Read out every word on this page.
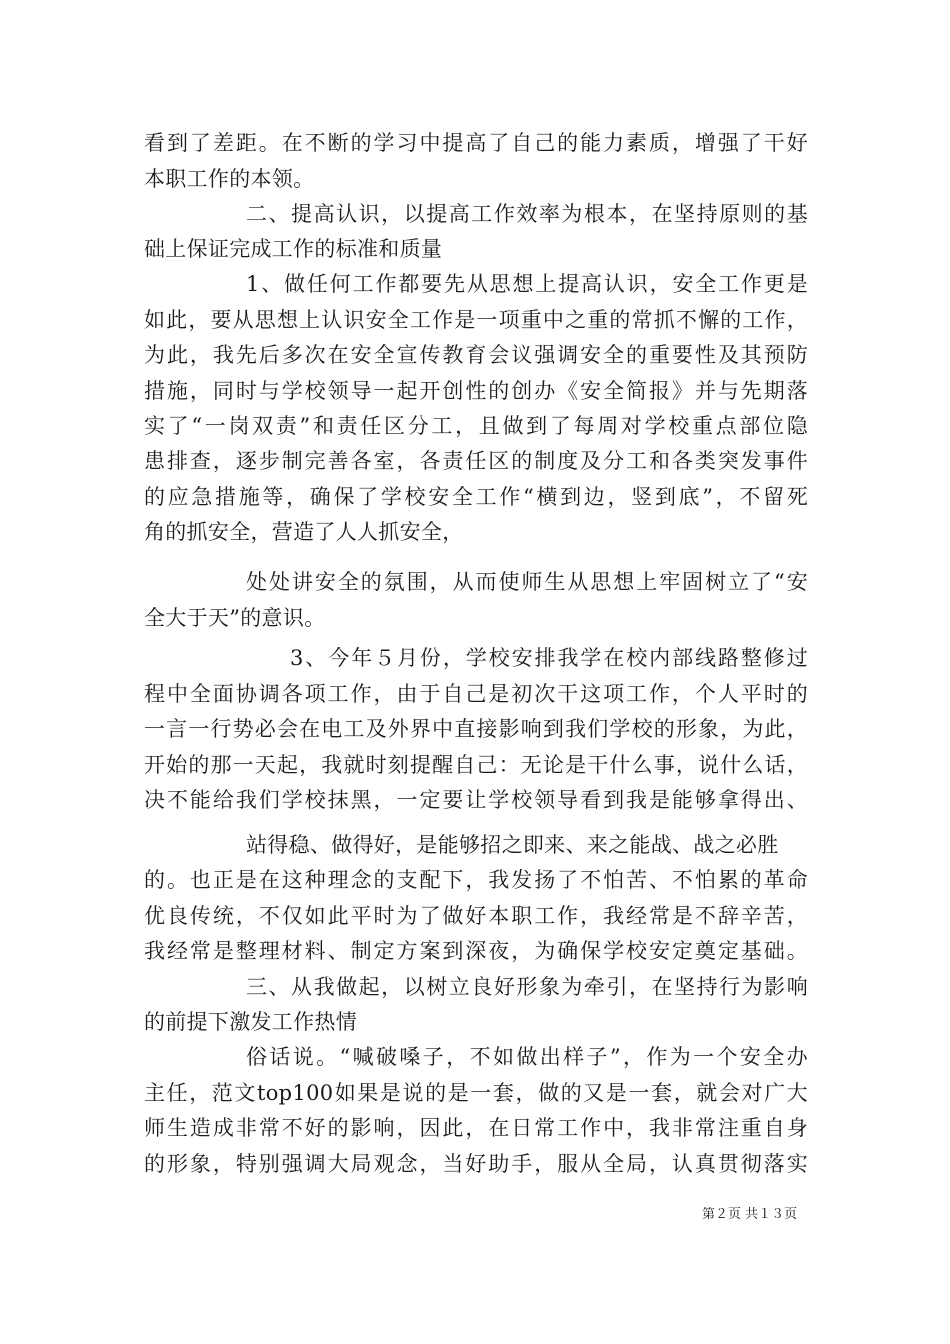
看到了差距。在不断的学习中提高了自己的能力素质，增强了干好
本职工作的本领。
二、提高认识，以提高工作效率为根本，在坚持原则的基
础上保证完成工作的标准和质量
1、做任何工作都要先从思想上提高认识，安全工作更是
如此，要从思想上认识安全工作是一项重中之重的常抓不懈的工作，
为此，我先后多次在安全宣传教育会议强调安全的重要性及其预防
措施，同时与学校领导一起开创性的创办《安全简报》并与先期落
实了“一岗双责”和责任区分工，且做到了每周对学校重点部位隐
患排查，逐步制完善各室，各责任区的制度及分工和各类突发事件
的应急措施等，确保了学校安全工作“横到边，竖到底”，不留死
角的抓安全，营造了人人抓安全，
处处讲安全的氛围，从而使师生从思想上牢固树立了“安
全大于天”的意识。
3、今年５月份，学校安排我学在校内部线路整修过
程中全面协调各项工作，由于自己是初次干这项工作，个人平时的
一言一行势必会在电工及外界中直接影响到我们学校的形象，为此，
开始的那一天起，我就时刻提醒自己：无论是干什么事，说什么话，
决不能给我们学校抹黑，一定要让学校领导看到我是能够拿得出、
站得稳、做得好，是能够招之即来、来之能战、战之必胜
的。也正是在这种理念的支配下，我发扬了不怕苦、不怕累的革命
优良传统，不仅如此平时为了做好本职工作，我经常是不辞辛苦，
我经常是整理材料、制定方案到深夜，为确保学校安定奠定基础。
三、从我做起，以树立良好形象为牵引，在坚持行为影响
的前提下激发工作热情
俗话说。“喊破嗓子，不如做出样子”，作为一个安全办
主任，范文top100如果是说的是一套，做的又是一套，就会对广大
师生造成非常不好的影响，因此，在日常工作中，我非常注重自身
的形象，特别强调大局观念，当好助手，服从全局，认真贯彻落实
第２页 共１３页
